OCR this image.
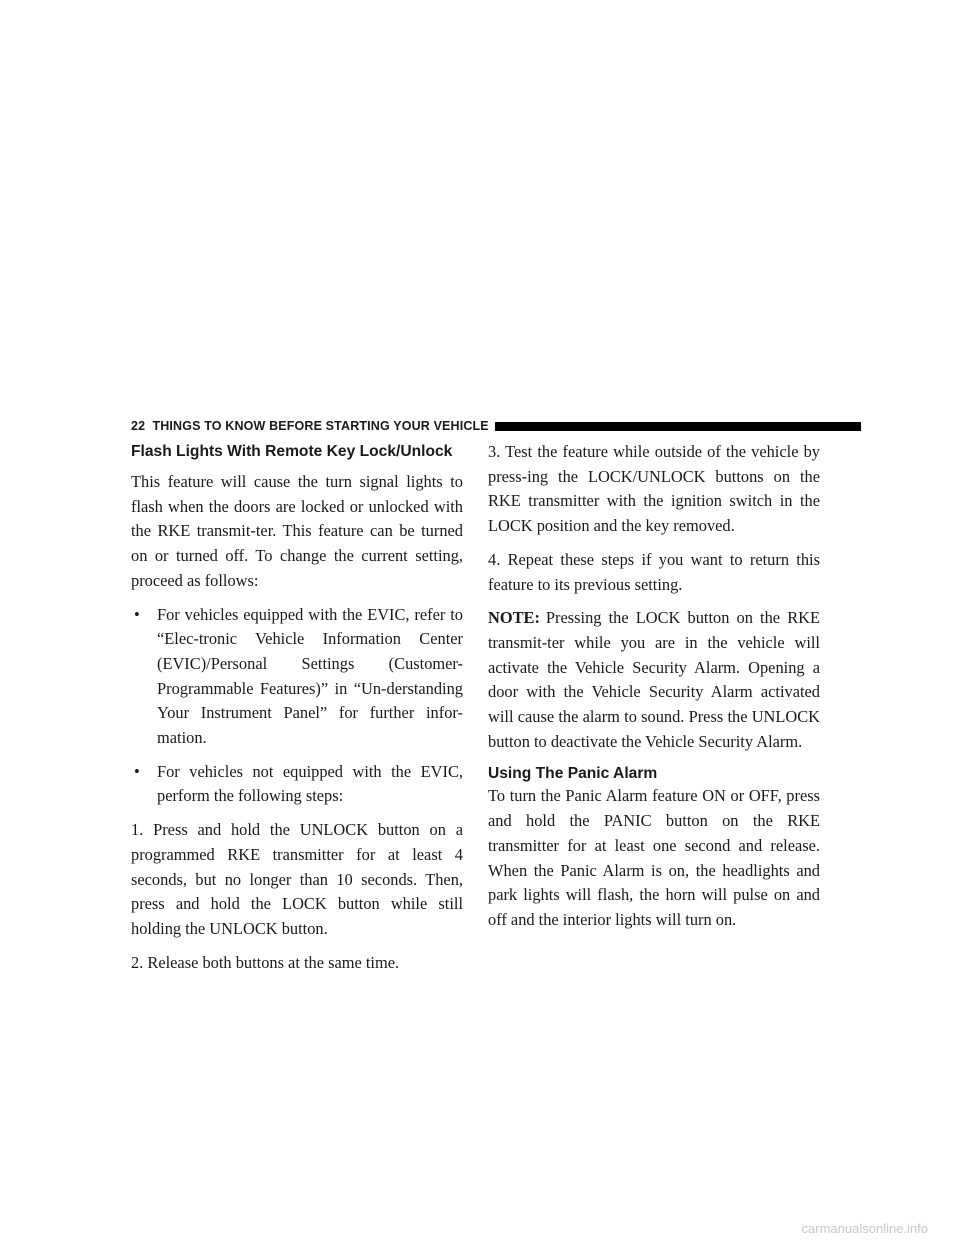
22 THINGS TO KNOW BEFORE STARTING YOUR VEHICLE
Flash Lights With Remote Key Lock/Unlock

This feature will cause the turn signal lights to flash when the doors are locked or unlocked with the RKE transmit-ter. This feature can be turned on or turned off. To change the current setting, proceed as follows:

• For vehicles equipped with the EVIC, refer to “Elec-tronic Vehicle Information Center (EVIC)/Personal Settings (Customer-Programmable Features)” in “Un-derstanding Your Instrument Panel” for further infor-mation.
• For vehicles not equipped with the EVIC, perform the following steps:

1. Press and hold the UNLOCK button on a programmed RKE transmitter for at least 4 seconds, but no longer than 10 seconds. Then, press and hold the LOCK button while still holding the UNLOCK button.

2. Release both buttons at the same time.

3. Test the feature while outside of the vehicle by press-ing the LOCK/UNLOCK buttons on the RKE transmitter with the ignition switch in the LOCK position and the key removed.

4. Repeat these steps if you want to return this feature to its previous setting.

NOTE: Pressing the LOCK button on the RKE transmit-ter while you are in the vehicle will activate the Vehicle Security Alarm. Opening a door with the Vehicle Security Alarm activated will cause the alarm to sound. Press the UNLOCK button to deactivate the Vehicle Security Alarm.

Using The Panic Alarm

To turn the Panic Alarm feature ON or OFF, press and hold the PANIC button on the RKE transmitter for at least one second and release. When the Panic Alarm is on, the headlights and park lights will flash, the horn will pulse on and off and the interior lights will turn on.

carmanualsonline.info
